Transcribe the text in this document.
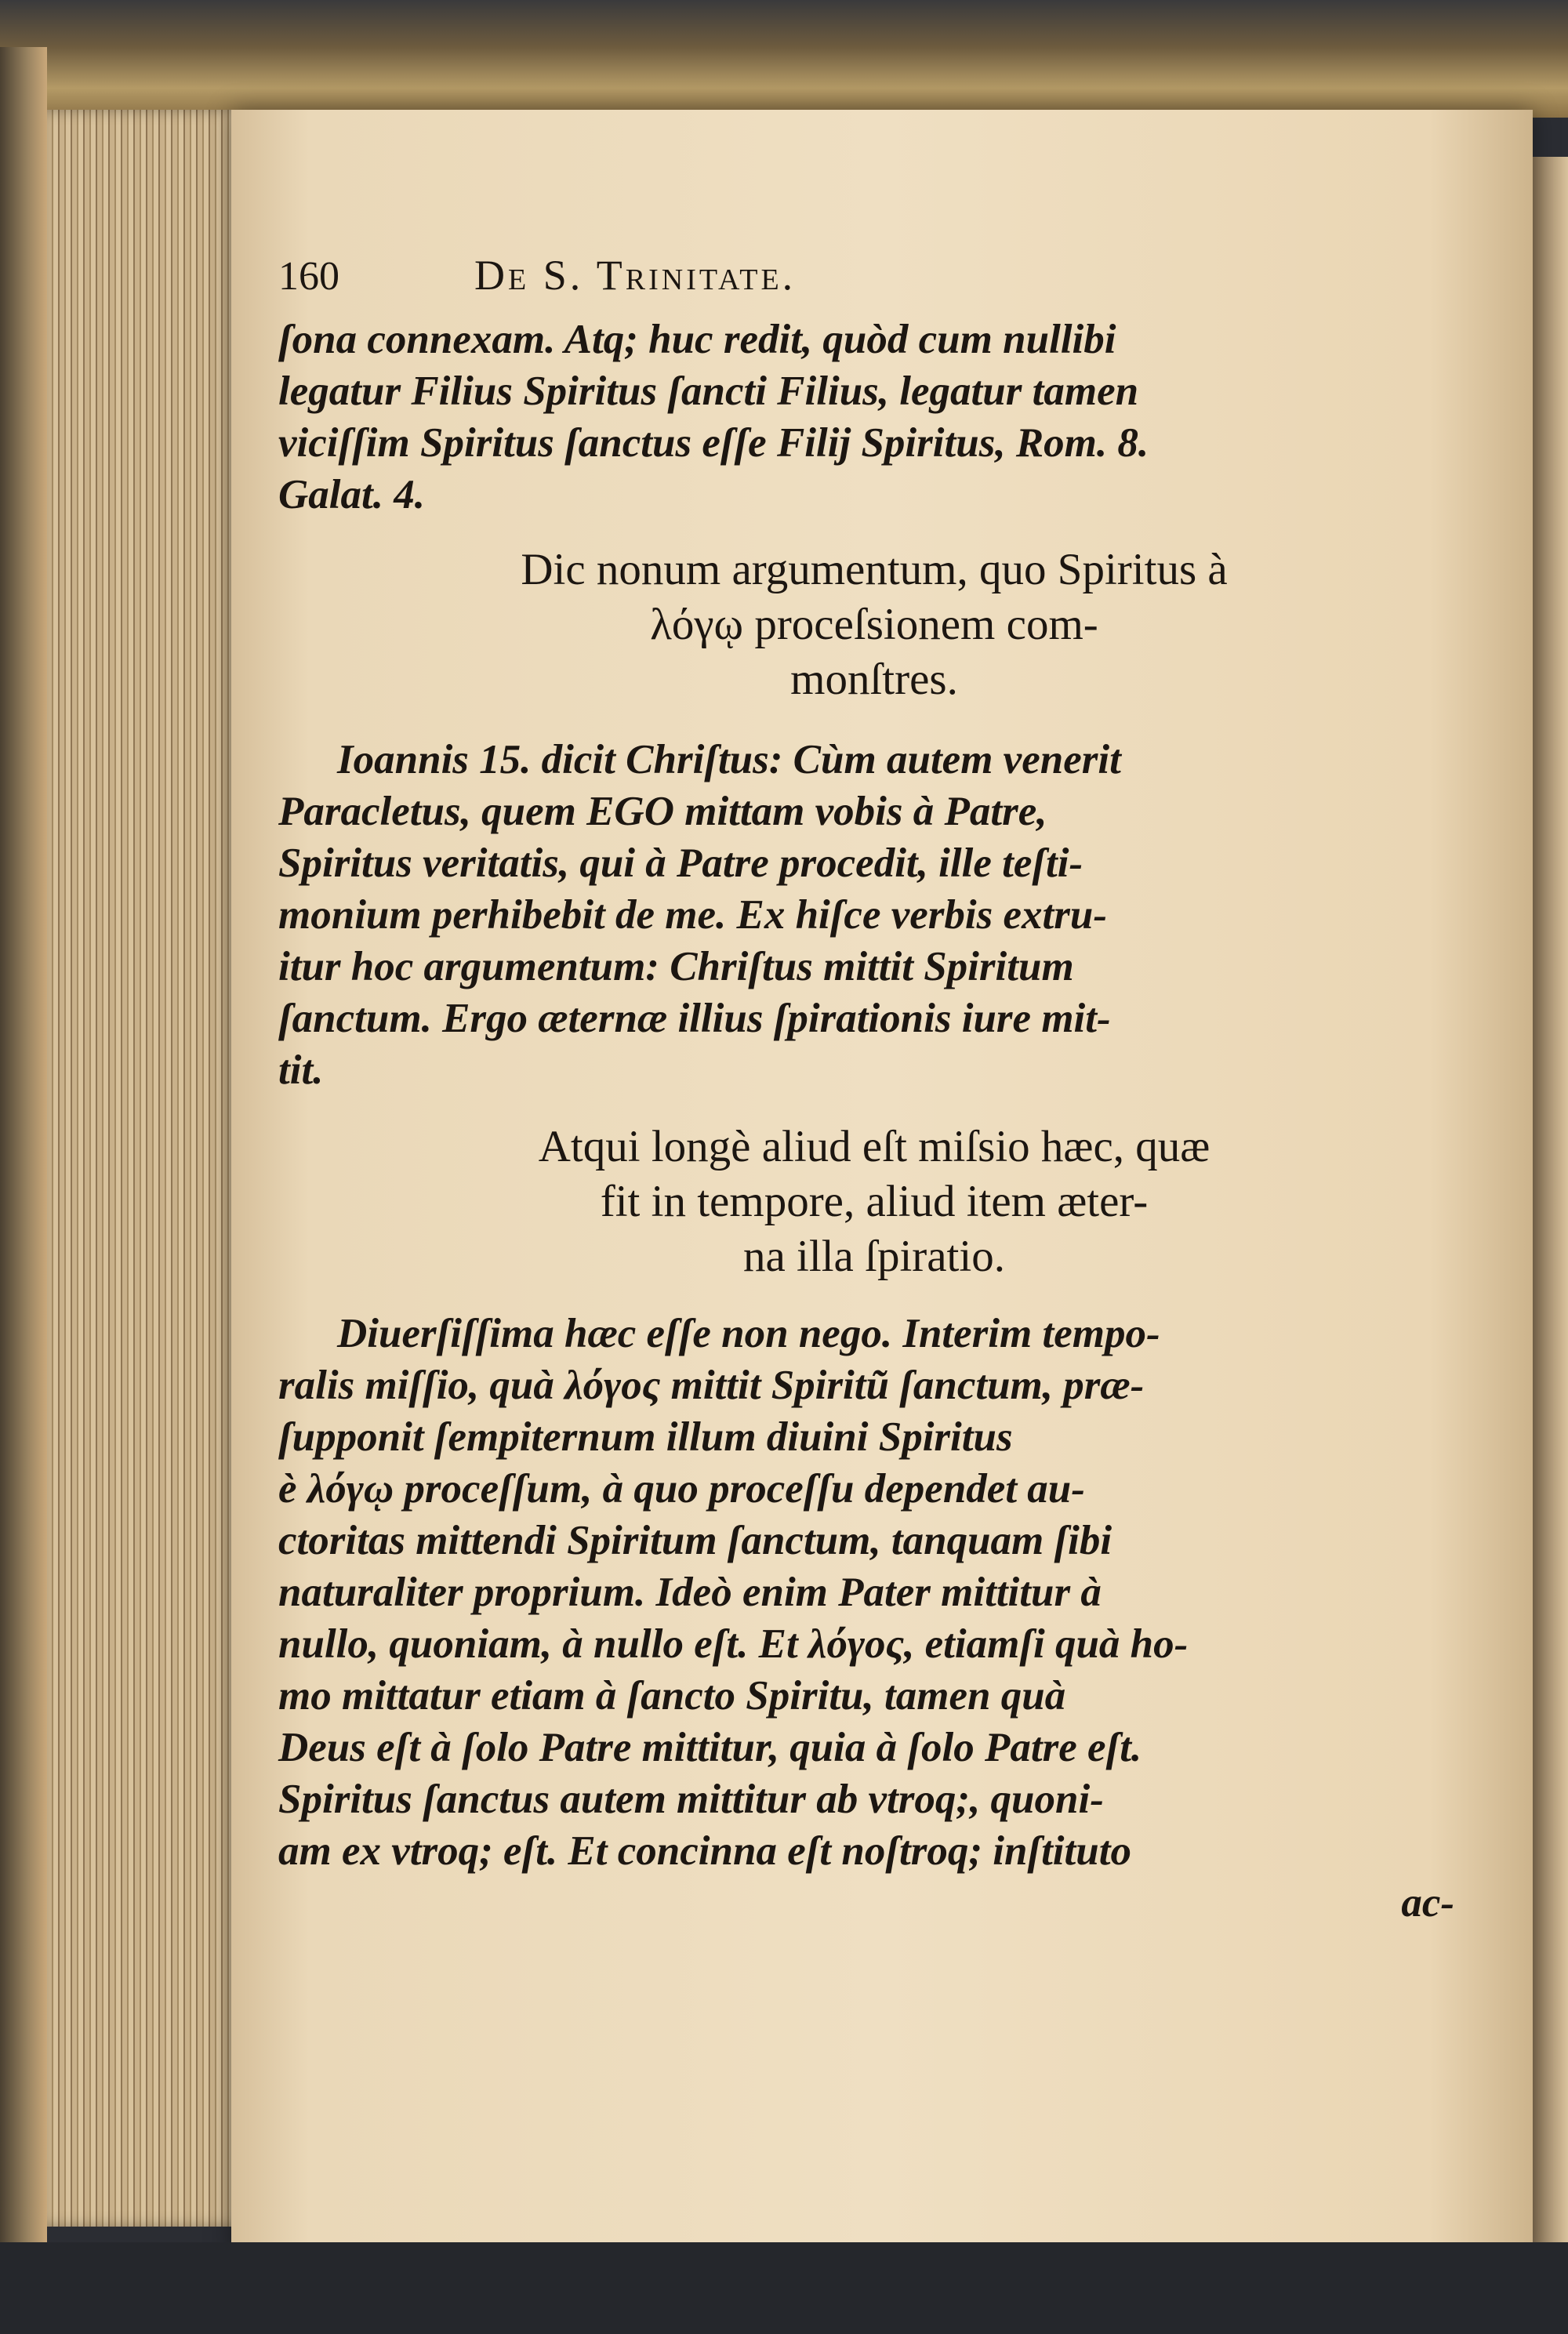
160	De S. Trinitate.

ſona connexam. Atq; huc redit, quòd cum nullibi
legatur Filius Spiritus ſancti Filius, legatur tamen
viciſſim Spiritus ſanctus eſſe Filij Spiritus, Rom. 8.
Galat. 4.

Dic nonum argumentum, quo Spiritus à
λόγῳ proceſsionem com-
monſtres.

Ioannis 15. dicit Chriſtus: Cùm autem venerit
Paracletus, quem EGO mittam vobis à Patre,
Spiritus veritatis, qui à Patre procedit, ille teſti-
monium perhibebit de me. Ex hiſce verbis extru-
itur hoc argumentum: Chriſtus mittit Spiritum
ſanctum. Ergo æternæ illius ſpirationis iure mit-
tit.

Atqui longè aliud eſt miſsio hæc, quæ
fit in tempore, aliud item æter-
na illa ſpiratio.

Diuerſiſſima hæc eſſe non nego. Interim tempo-
ralis miſſio, quà λόγος mittit Spiritũ ſanctum, præ-
ſupponit ſempiternum illum diuini Spiritus
è λόγῳ proceſſum, à quo proceſſu dependet au-
ctoritas mittendi Spiritum ſanctum, tanquam ſibi
naturaliter proprium. Ideò enim Pater mittitur à
nullo, quoniam, à nullo eſt. Et λόγος, etiamſi quà ho-
mo mittatur etiam à ſancto Spiritu, tamen quà
Deus eſt à ſolo Patre mittitur, quia à ſolo Patre eſt.
Spiritus ſanctus autem mittitur ab vtroq;, quoni-
am ex vtroq; eſt. Et concinna eſt noſtroq; inſtituto

ac-
